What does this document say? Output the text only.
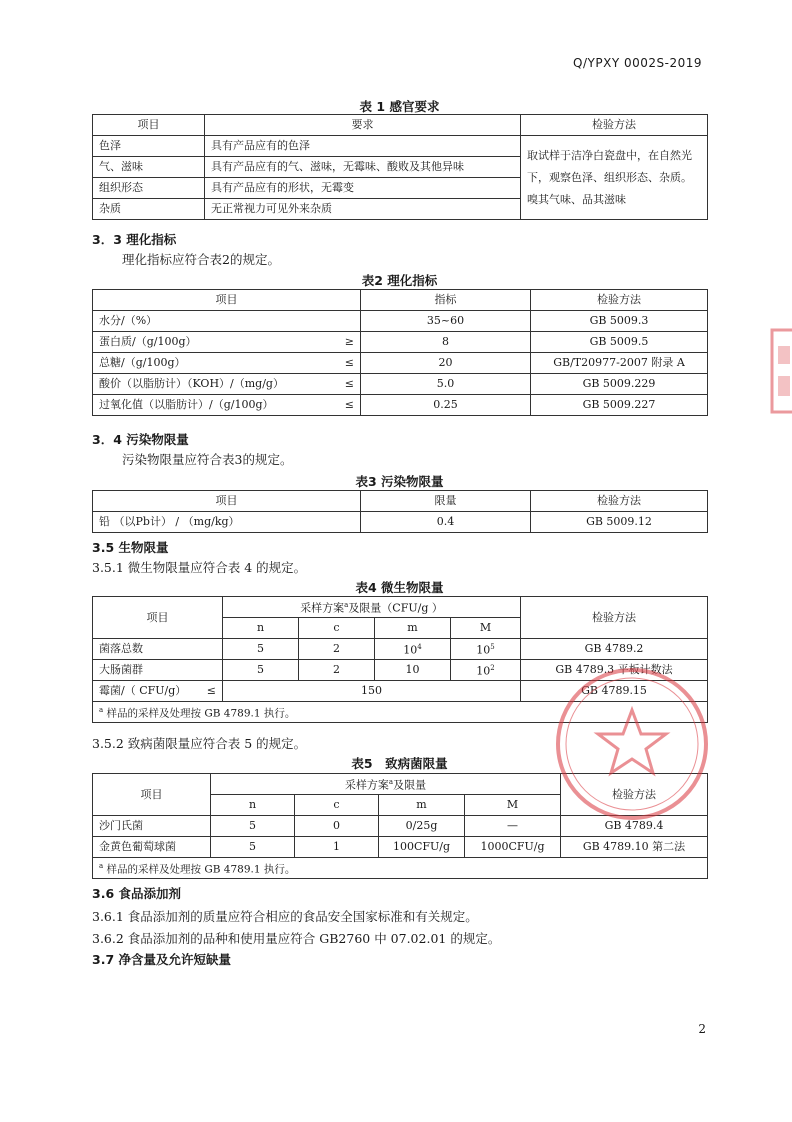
Q/YPXY 0002S-2019
表 1 感官要求
项目	要求	检验方法
色泽	具有产品应有的色泽	取试样于洁净白瓷盘中，在自然光下，观察色泽、组织形态、杂质。嗅其气味、品其滋味
气、滋味	具有产品应有的气、滋味，无霉味、酸败及其他异味	
组织形态	具有产品应有的形状，无霉变	
杂质	无正常视力可见外来杂质	
3．3 理化指标
理化指标应符合表2的规定。
表2 理化指标
项目	指标	检验方法

水分/（%）	35~60	GB 5009.3

蛋白质/（g/100g） ≥	8	GB 5009.5

总糖/（g/100g） ≤	20	GB/T20977-2007 附录 A

酸价（以脂肪计）（KOH）/（mg/g） ≤	5.0	GB 5009.229

过氧化值（以脂肪计）/（g/100g） ≤	0.25	GB 5009.227
3．4 污染物限量
污染物限量应符合表3的规定。
表3 污染物限量
项目	限量	检验方法
铅 （以Pb计） / （mg/kg）	0.4	GB 5009.12
3.5 生物限量
3.5.1 微生物限量应符合表 4 的规定。
表4 微生物限量
项目	采样方案$^a$及限量（CFU/g ）				检验方法
	n	c	m	M	
菌落总数	5	2	$10^4$	$10^5$	GB 4789.2
大肠菌群	5	2	10	$10^2$	GB 4789.3 平板计数法

霉菌/（ CFU/g） ≤	150				GB 4789.15
$^a$ 样品的采样及处理按 GB 4789.1 执行。					
3.5.2 致病菌限量应符合表 5 的规定。
表5　致病菌限量
项目	采样方案$^a$及限量				检验方法
	n	c	m	M	
沙门氏菌	5	0	0/25g	—	GB 4789.4
金黄色葡萄球菌	5	1	100CFU/g	1000CFU/g	GB 4789.10 第二法
$^a$ 样品的采样及处理按 GB 4789.1 执行。					
3.6 食品添加剂
3.6.1 食品添加剂的质量应符合相应的食品安全国家标准和有关规定。
3.6.2 食品添加剂的品种和使用量应符合 GB2760 中 07.02.01 的规定。
3.7 净含量及允许短缺量
2
